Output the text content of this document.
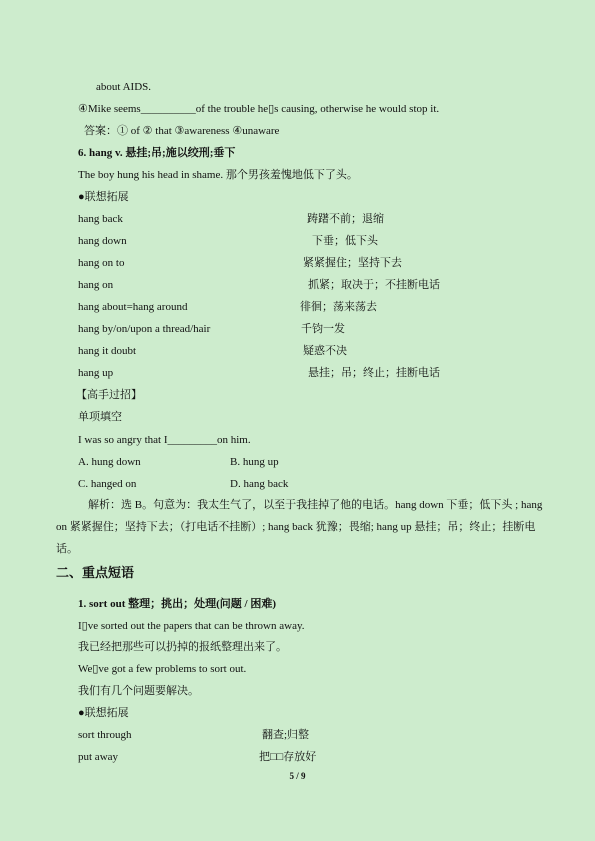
about AIDS.
④Mike seems__________of the trouble he▯s causing, otherwise he would stop it.
答案：① of ② that ③awareness ④unaware
6. hang v. 悬挂;吊;施以绞刑;垂下
The boy hung his head in shame. 那个男孩羞愧地低下了头。
●联想拓展
hang back	踌躇不前；退缩
hang down	下垂；低下头
hang on to	紧紧握住；坚持下去
hang on	抓紧；取决于；不挂断电话
hang about=hang around	徘徊；荡来荡去
hang by/on/upon a thread/hair	千钧一发
hang it doubt	疑惑不决
hang up	悬挂；吊；终止；挂断电话
【高手过招】
单项填空
I was so angry that I_________on him.
A. hung down	B. hung up
C. hanged on	D. hang back
解析：选 B。句意为：我太生气了，以至于我挂掉了他的电话。hang down 下垂；低下头 ; hang on 紧紧握住；坚持下去；（打电话不挂断）; hang back 犹豫；畏缩; hang up 悬挂；吊；终止；挂断电话。
二、重点短语
1. sort out 整理；挑出；处理(问题 / 困难)
I▯ve sorted out the papers that can be thrown away.
我已经把那些可以扔掉的报纸整理出来了。
We▯ve got a few problems to sort out.
我们有几个问题要解决。
●联想拓展
sort through	翻查;归整
put away	把□□存放好
5 / 9
